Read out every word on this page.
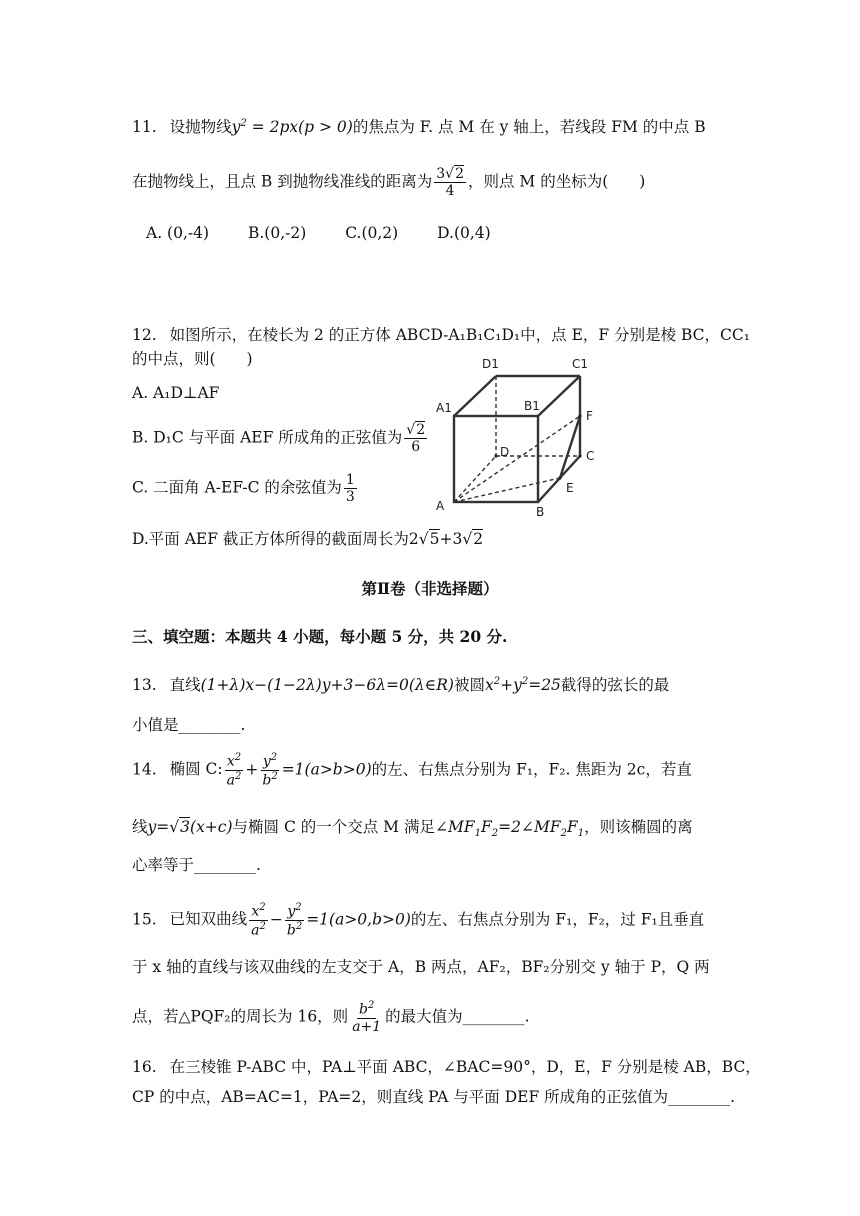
11. 设抛物线$y^2 = 2px(p > 0)$的焦点为 F. 点 M 在 y 轴上，若线段 FM 的中点 B
在抛物线上，且点 B 到抛物线准线的距离为 $\frac{3√2}{4}$ ，则点 M 的坐标为(　　)
A. (0,-4)	B.(0,-2)	C.(0,2)	D.(0,4)
12. 如图所示，在棱长为 2 的正方体 ABCD-A₁B₁C₁D₁中，点 E，F 分别是棱 BC，CC₁
的中点，则(　　)
A. A₁D⊥AF
B. D₁C 与平面 AEF 所成角的正弦值为 $\frac{√2}{6}$
C. 二面角 A-EF-C 的余弦值为 $\frac{1}{3}$
D.平面 AEF 截正方体所得的截面周长为2√5+3√2
D1	C1
A1	B1
F
D	C
E
A	B
第Ⅱ卷（非选择题）
三、填空题：本题共 4 小题，每小题 5 分，共 20 分.
13. 直线(1+λ)x−(1−2λ)y+3−6λ=0(λ∈R)被圆$x^2+y^2=25$截得的弦长的最
小值是________.
14. 椭圆 C: $\frac{x^2}{a^2} + \frac{y^2}{b^2} =1(a>b>0)$的左、右焦点分别为 F₁，F₂. 焦距为 2c，若直
线y=√3(x+c)与椭圆 C 的一个交点 M 满足$\angle MF_1F_2=2\angle MF_2F_1$，则该椭圆的离
心率等于________.
15. 已知双曲线 $\frac{x^2}{a^2} - \frac{y^2}{b^2} =1(a>0,b>0)$的左、右焦点分别为 F₁，F₂，过 F₁且垂直
于 x 轴的直线与该双曲线的左支交于 A，B 两点，AF₂，BF₂分别交 y 轴于 P，Q 两
点，若△PQF₂的周长为 16，则 $\frac{b^2}{a+1}$ 的最大值为________.
16. 在三棱锥 P-ABC 中，PA⊥平面 ABC，∠BAC=90°，D，E，F 分别是棱 AB，BC，
CP 的中点，AB=AC=1，PA=2，则直线 PA 与平面 DEF 所成角的正弦值为________.
